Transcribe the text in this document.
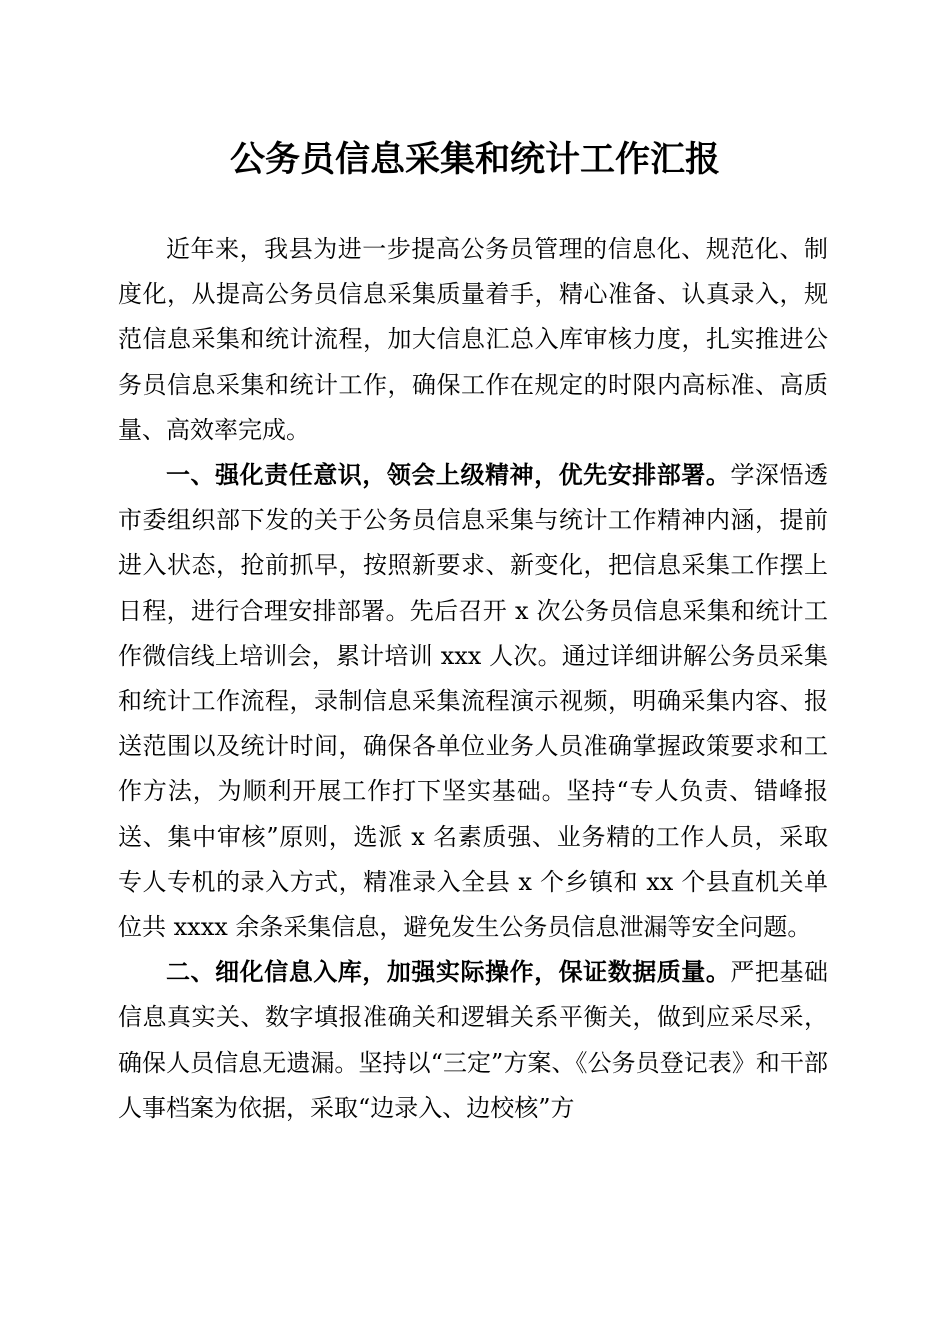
公务员信息采集和统计工作汇报

近年来，我县为进一步提高公务员管理的信息化、规范化、制度化，从提高公务员信息采集质量着手，精心准备、认真录入，规范信息采集和统计流程，加大信息汇总入库审核力度，扎实推进公务员信息采集和统计工作，确保工作在规定的时限内高标准、高质量、高效率完成。

一、强化责任意识，领会上级精神，优先安排部署。学深悟透市委组织部下发的关于公务员信息采集与统计工作精神内涵，提前进入状态，抢前抓早，按照新要求、新变化，把信息采集工作摆上日程，进行合理安排部署。先后召开 x 次公务员信息采集和统计工作微信线上培训会，累计培训 xxx 人次。通过详细讲解公务员采集和统计工作流程，录制信息采集流程演示视频，明确采集内容、报送范围以及统计时间，确保各单位业务人员准确掌握政策要求和工作方法，为顺利开展工作打下坚实基础。坚持“专人负责、错峰报送、集中审核”原则，选派 x 名素质强、业务精的工作人员，采取专人专机的录入方式，精准录入全县 x 个乡镇和 xx 个县直机关单位共 xxxx 余条采集信息，避免发生公务员信息泄漏等安全问题。

二、细化信息入库，加强实际操作，保证数据质量。严把基础信息真实关、数字填报准确关和逻辑关系平衡关，做到应采尽采，确保人员信息无遗漏。坚持以“三定”方案、《公务员登记表》和干部人事档案为依据，采取“边录入、边校核”方
